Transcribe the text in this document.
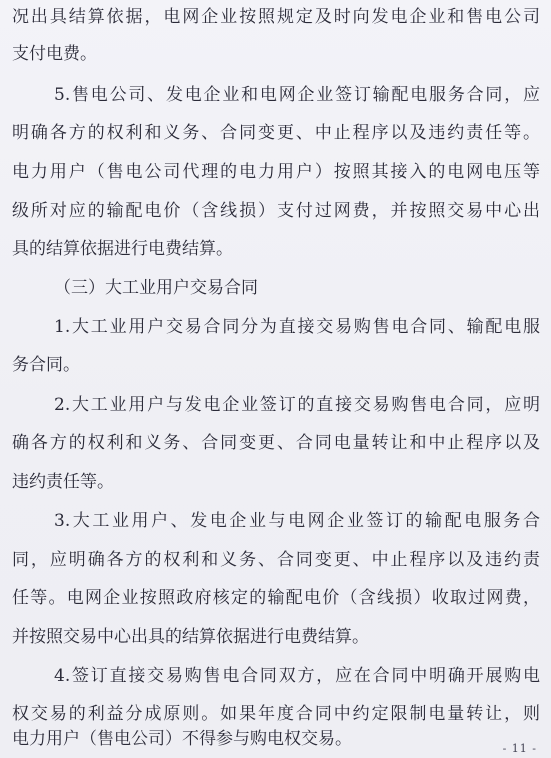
况出具结算依据，电网企业按照规定及时向发电企业和售电公司
支付电费。
5.售电公司、发电企业和电网企业签订输配电服务合同，应
明确各方的权利和义务、合同变更、中止程序以及违约责任等。
电力用户（售电公司代理的电力用户）按照其接入的电网电压等
级所对应的输配电价（含线损）支付过网费，并按照交易中心出
具的结算依据进行电费结算。
（三）大工业用户交易合同
1.大工业用户交易合同分为直接交易购售电合同、输配电服
务合同。
2.大工业用户与发电企业签订的直接交易购售电合同，应明
确各方的权利和义务、合同变更、合同电量转让和中止程序以及
违约责任等。
3.大工业用户、发电企业与电网企业签订的输配电服务合
同，应明确各方的权利和义务、合同变更、中止程序以及违约责
任等。电网企业按照政府核定的输配电价（含线损）收取过网费，
并按照交易中心出具的结算依据进行电费结算。
4.签订直接交易购售电合同双方，应在合同中明确开展购电
权交易的利益分成原则。如果年度合同中约定限制电量转让，则
电力用户（售电公司）不得参与购电权交易。	- 11 -
